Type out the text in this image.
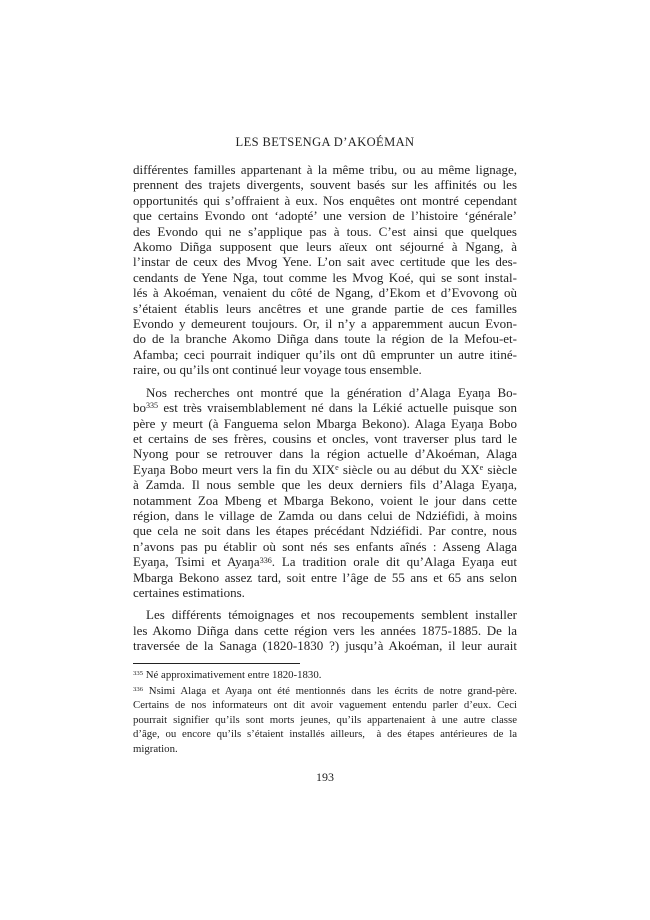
LES BETSENGA D’AKOÉMAN
différentes familles appartenant à la même tribu, ou au même lignage,
prennent des trajets divergents, souvent basés sur les affinités ou les
opportunités qui s’offraient à eux. Nos enquêtes ont montré cependant
que certains Evondo ont ‘adopté’ une version de l’histoire ‘générale’
des Evondo qui ne s’applique pas à tous. C’est ainsi que quelques
Akomo Diñga supposent que leurs aïeux ont séjourné à Ngang, à
l’instar de ceux des Mvog Yene. L’on sait avec certitude que les des-
cendants de Yene Nga, tout comme les Mvog Koé, qui se sont instal-
lés à Akoéman, venaient du côté de Ngang, d’Ekom et d’Evovong où
s’étaient établis leurs ancêtres et une grande partie de ces familles
Evondo y demeurent toujours. Or, il n’y a apparemment aucun Evon-
do de la branche Akomo Diñga dans toute la région de la Mefou-et-
Afamba; ceci pourrait indiquer qu’ils ont dû emprunter un autre itiné-
raire, ou qu’ils ont continué leur voyage tous ensemble.
Nos recherches ont montré que la génération d’Alaga Eyaŋa Bo-
$bo^{335}$ est très vraisemblablement né dans la Lékié actuelle puisque son
père y meurt (à Fanguema selon Mbarga Bekono). Alaga Eyaŋa Bobo
et certains de ses frères, cousins et oncles, vont traverser plus tard le
Nyong pour se retrouver dans la région actuelle d’Akoéman, Alaga
Eyaŋa Bobo meurt vers la fin du XIXe siècle ou au début du XXe siècle
à Zamda. Il nous semble que les deux derniers fils d’Alaga Eyaŋa,
notamment Zoa Mbeng et Mbarga Bekono, voient le jour dans cette
région, dans le village de Zamda ou dans celui de Ndziéfidi, à moins
que cela ne soit dans les étapes précédant Ndziéfidi. Par contre, nous
n’avons pas pu établir où sont nés ses enfants aînés : Asseng Alaga
Eyaŋa, Tsimi et Ayaŋa$^{336}$. La tradition orale dit qu’Alaga Eyaŋa eut
Mbarga Bekono assez tard, soit entre l’âge de 55 ans et 65 ans selon
certaines estimations.
Les différents témoignages et nos recoupements semblent installer
les Akomo Diñga dans cette région vers les années 1875-1885. De la
traversée de la Sanaga (1820-1830 ?) jusqu’à Akoéman, il leur aurait
$^{335}$ Né approximativement entre 1820-1830.
$^{336}$ Nsimi Alaga et Ayaŋa ont été mentionnés dans les écrits de notre grand-père.
Certains de nos informateurs ont dit avoir vaguement entendu parler d’eux. Ceci
pourrait signifier qu’ils sont morts jeunes, qu’ils appartenaient à une autre classe
d’âge, ou encore qu’ils s’étaient installés ailleurs,  à des étapes antérieures de la
migration.
193
